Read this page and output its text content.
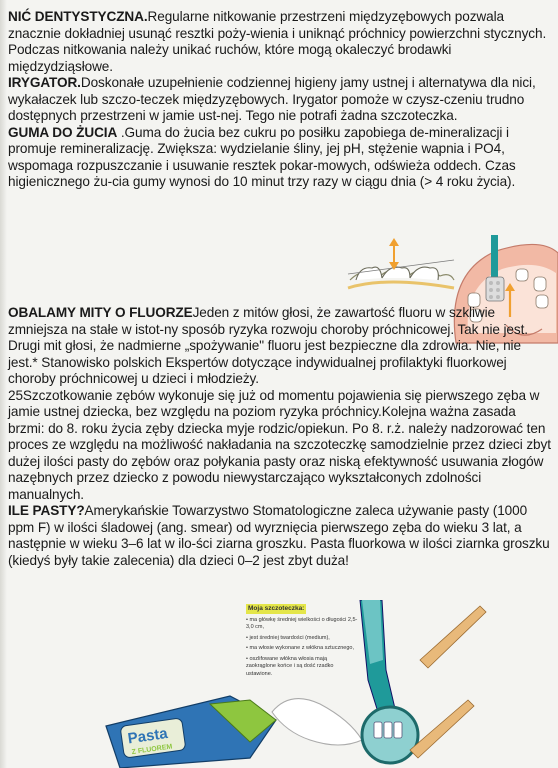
NIĆ DENTYSTYCZNA.Regularne nitkowanie przestrzeni międzyzębowych pozwala znacznie dokładniej usunąć resztki poży-wienia i uniknąć próchnicy powierzchni stycznych. Podczas nitkowania należy unikać ruchów, które mogą okaleczyć brodawki międzydziąsłowe.
IRYGATOR.Doskonałe uzupełnienie codziennej higieny jamy ustnej i alternatywa dla nici, wykałaczek lub szczo-teczek międzyzębowych. Irygator pomoże w czysz-czeniu trudno dostępnych przestrzeni w jamie ust-nej. Tego nie potrafi żadna szczoteczka.
GUMA DO ŻUCIA .Guma do żucia bez cukru po posiłku zapobiega de-mineralizacji i promuje remineralizację. Zwiększa: wydzielanie śliny, jej pH, stężenie wapnia i PO4, wspomaga rozpuszczanie i usuwanie resztek pokar-mowych, odświeża oddech. Czas higienicznego żu-cia gumy wynosi do 10 minut trzy razy w ciągu dnia (> 4 roku życia).

OBALAMY MITY O FLUORZEJeden z mitów głosi, że zawartość fluoru w szkliwie zmniejsza na stałe w istot-ny sposób ryzyka rozwoju choroby próchnicowej. Tak nie jest. Drugi mit głosi, że nadmierne „spożywanie" fluoru jest bezpieczne dla zdrowia. Nie, nie jest.* Stanowisko polskich Ekspertów dotyczące indywidualnej profilaktyki fluorkowej choroby próchnicowej u dzieci i młodzieży.
25Szczotkowanie zębów wykonuje się już od momentu pojawienia się pierwszego zęba w jamie ustnej dziecka, bez względu na poziom ryzyka próchnicy.Kolejna ważna zasada brzmi: do 8. roku życia zęby dziecka myje rodzic/opiekun. Po 8. r.ż. należy nadzorować ten proces ze względu na możliwość nakładania na szczoteczkę samodzielnie przez dzieci zbyt dużej ilości pasty do zębów oraz połykania pasty oraz niską efektywność usuwania złogów nazębnych przez dziecko z powodu niewystarczająco wykształconych zdolności manualnych.
ILE PASTY?Amerykańskie Towarzystwo Stomatologiczne zaleca używanie pasty (1000 ppm F) w ilości śladowej (ang. smear) od wyrznięcia pierwszego zęba do wieku 3 lat, a następnie w wieku 3–6 lat w ilo-ści ziarna groszku. Pasta fluorkowa w ilości ziarnka groszku (kiedyś były takie zalecenia) dla dzieci 0–2 jest zbyt duża!

Pasta
Z FLUOREM
Moja szczoteczka:
• ma główkę średniej wielkości o długości 2,5-3,0 cm,
• jest średniej twardości (medium),
• ma włosie wykonane z włókna sztucznego,
• oszlifowane włókna włosia mają zaokrąglone końce i są dość rzadko ustawione.
